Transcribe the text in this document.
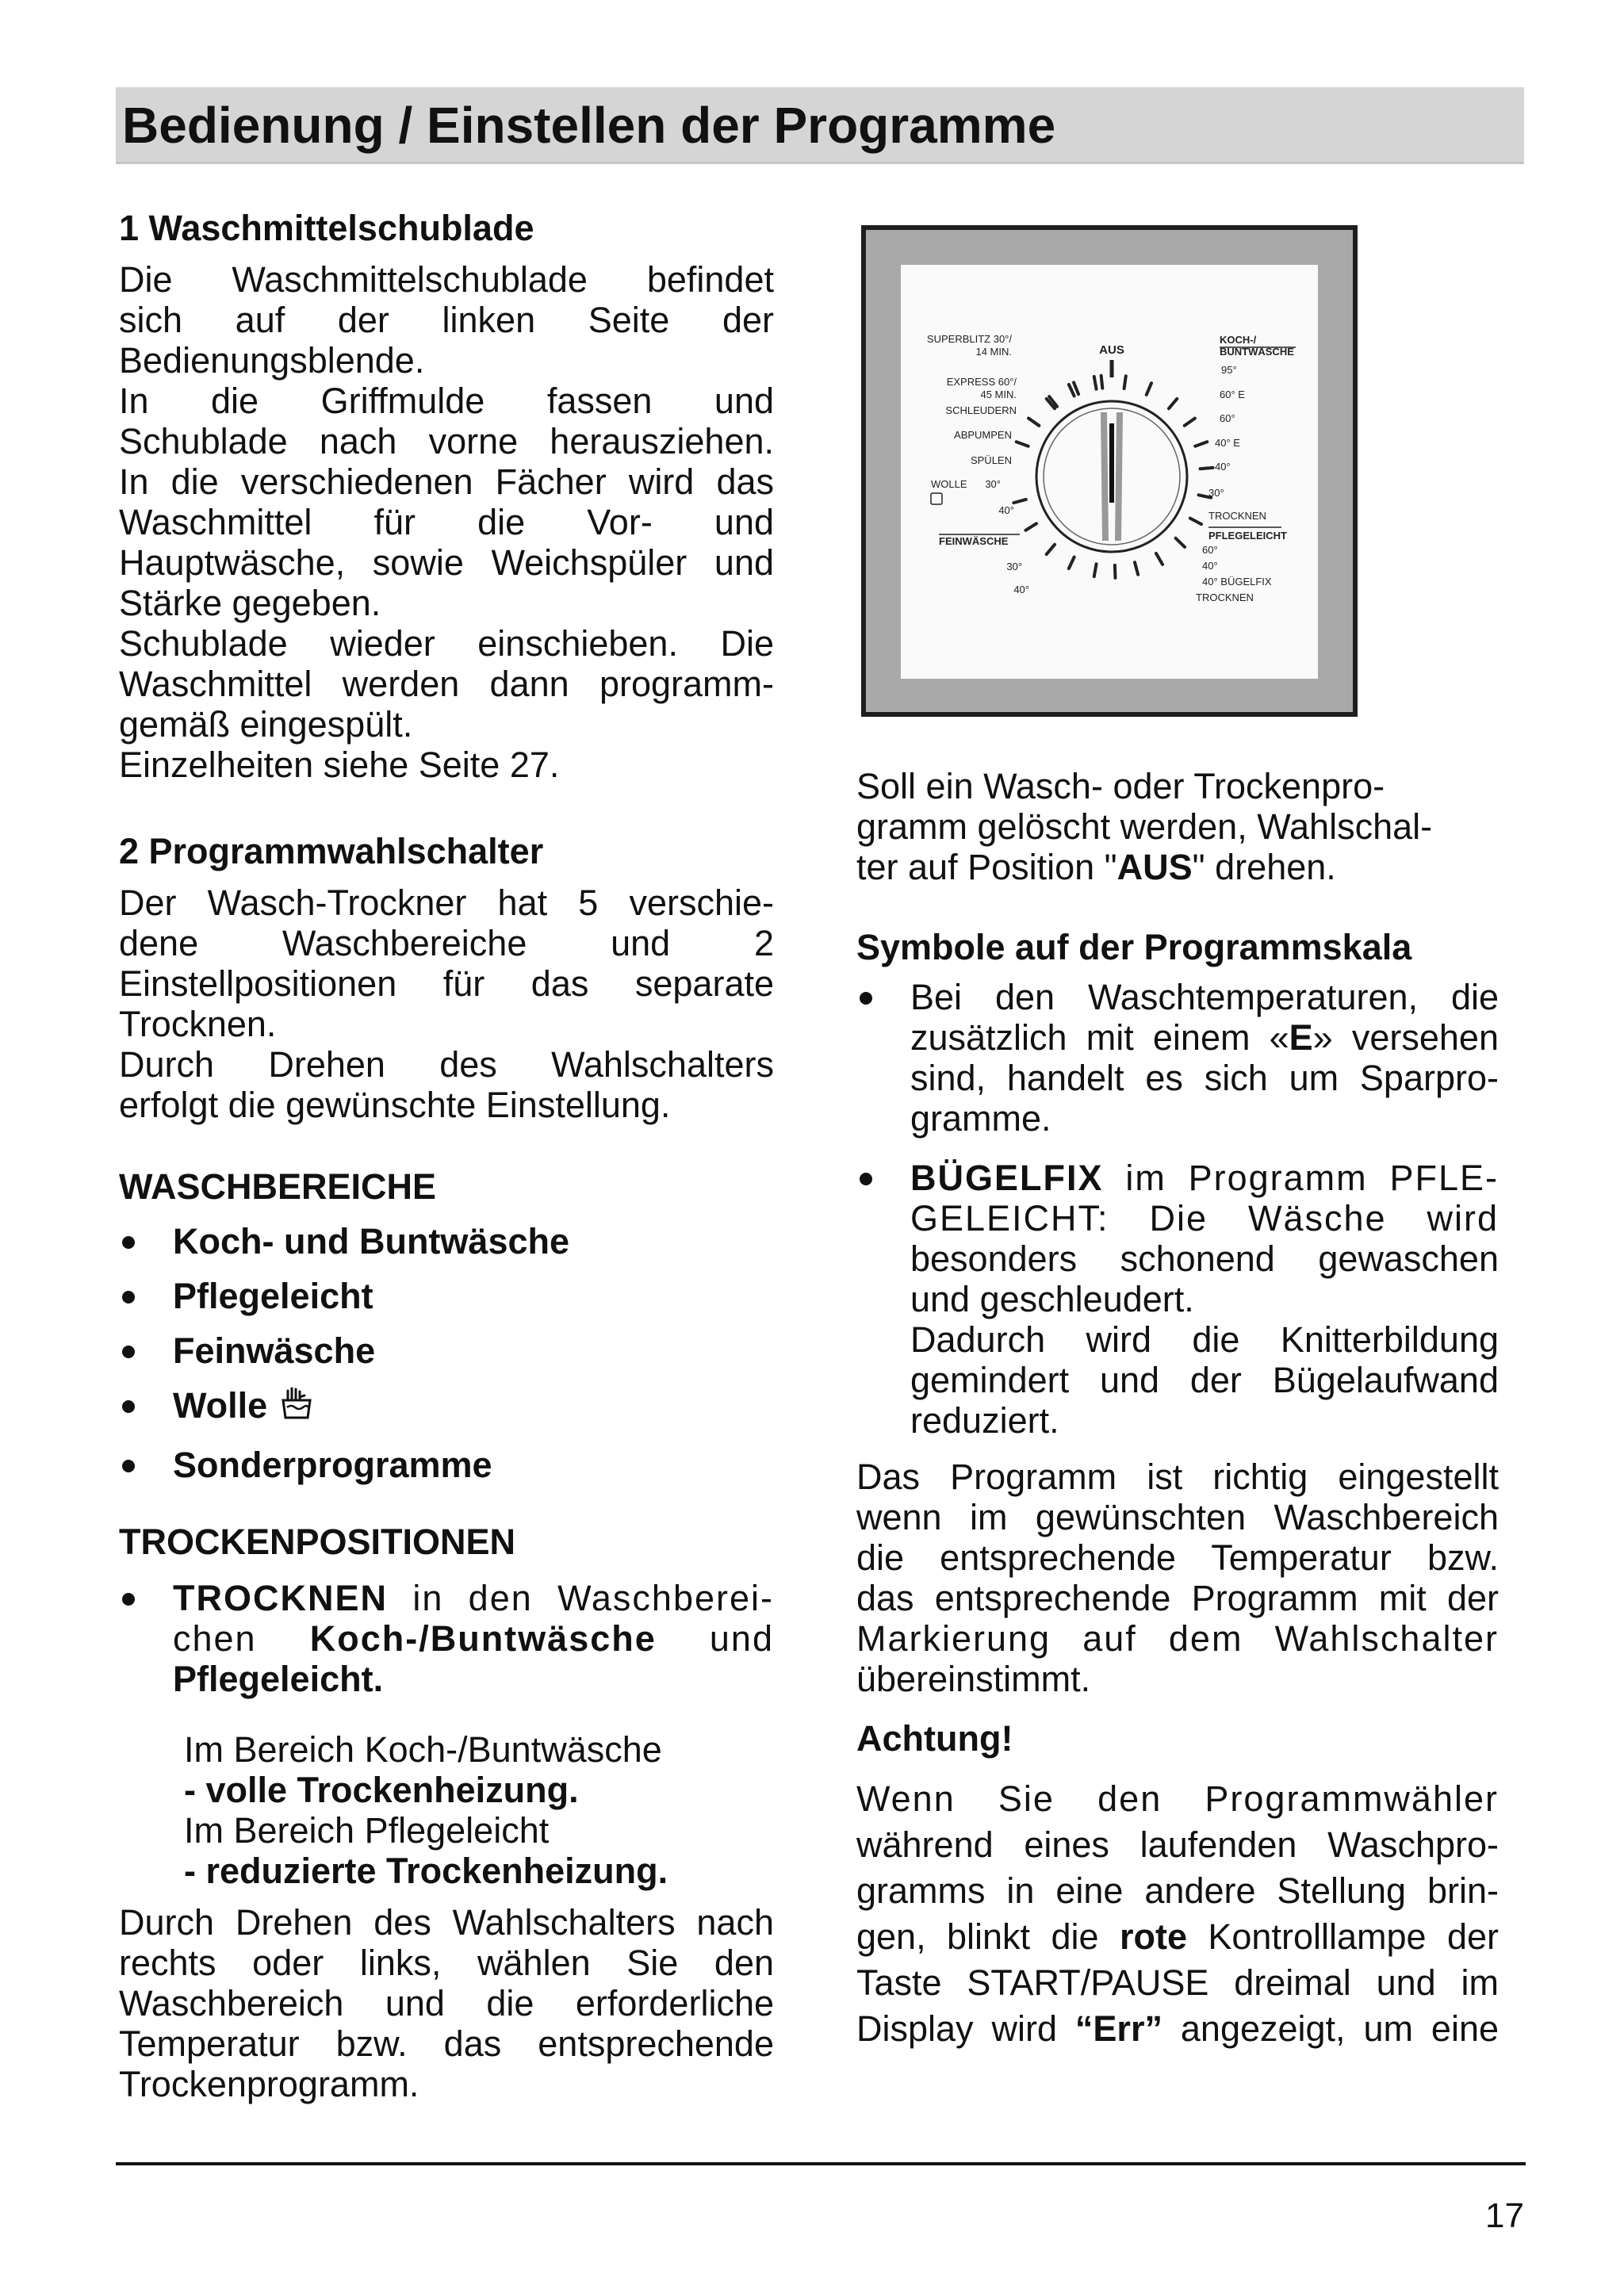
Bedienung / Einstellen der Programme

1 Waschmittelschublade

Die Waschmittelschublade befindet
sich auf der linken Seite der
Bedienungsblende.
In die Griffmulde fassen und
Schublade nach vorne herausziehen.
In die verschiedenen Fächer wird das
Waschmittel für die Vor- und
Hauptwäsche, sowie Weichspüler und
Stärke gegeben.
Schublade wieder einschieben. Die
Waschmittel werden dann programm-
gemäß eingespült.
Einzelheiten siehe Seite 27.

2 Programmwahlschalter

Der Wasch-Trockner hat 5 verschie-
dene Waschbereiche und 2
Einstellpositionen für das separate
Trocknen.
Durch Drehen des Wahlschalters
erfolgt die gewünschte Einstellung.

WASCHBEREICHE

Koch- und Buntwäsche
Pflegeleicht
Feinwäsche
Wolle
Sonderprogramme

TROCKENPOSITIONEN

TROCKNEN in den Waschberei-
chen Koch-/Buntwäsche und
Pflegeleicht.
Im Bereich Koch-/Buntwäsche
- volle Trockenheizung.
Im Bereich Pflegeleicht
- reduzierte Trockenheizung.
Durch Drehen des Wahlschalters nach
rechts oder links, wählen Sie den
Waschbereich und die erforderliche
Temperatur bzw. das entsprechende
Trockenprogramm.
AUS
SUPERBLITZ 30°/
14 MIN.
EXPRESS 60°/
45 MIN.
SCHLEUDERN
ABPUMPEN
SPÜLEN
WOLLE 30°
40°
FEINWÄSCHE
30°
40°
KOCH-/
BUNTWÄSCHE
95°
60° E
60°
40° E
40°
30°
TROCKNEN
PFLEGELEICHT
60°
40°
40° BÜGELFIX
TROCKNEN
Soll ein Wasch- oder Trockenpro-
gramm gelöscht werden, Wahlschal-
ter auf Position "AUS" drehen.

Symbole auf der Programmskala

Bei den Waschtemperaturen, die
zusätzlich mit einem «E» versehen
sind, handelt es sich um Sparpro-
gramme.
BÜGELFIX im Programm PFLE-
GELEICHT: Die Wäsche wird
besonders schonend gewaschen
und geschleudert.
Dadurch wird die Knitterbildung
gemindert und der Bügelaufwand
reduziert.
Das Programm ist richtig eingestellt
wenn im gewünschten Waschbereich
die entsprechende Temperatur bzw.
das entsprechende Programm mit der
Markierung auf dem Wahlschalter
übereinstimmt.

Achtung!

Wenn Sie den Programmwähler
während eines laufenden Waschpro-
gramms in eine andere Stellung brin-
gen, blinkt die rote Kontrolllampe der
Taste START/PAUSE dreimal und im
Display wird “Err” angezeigt, um eine
17
